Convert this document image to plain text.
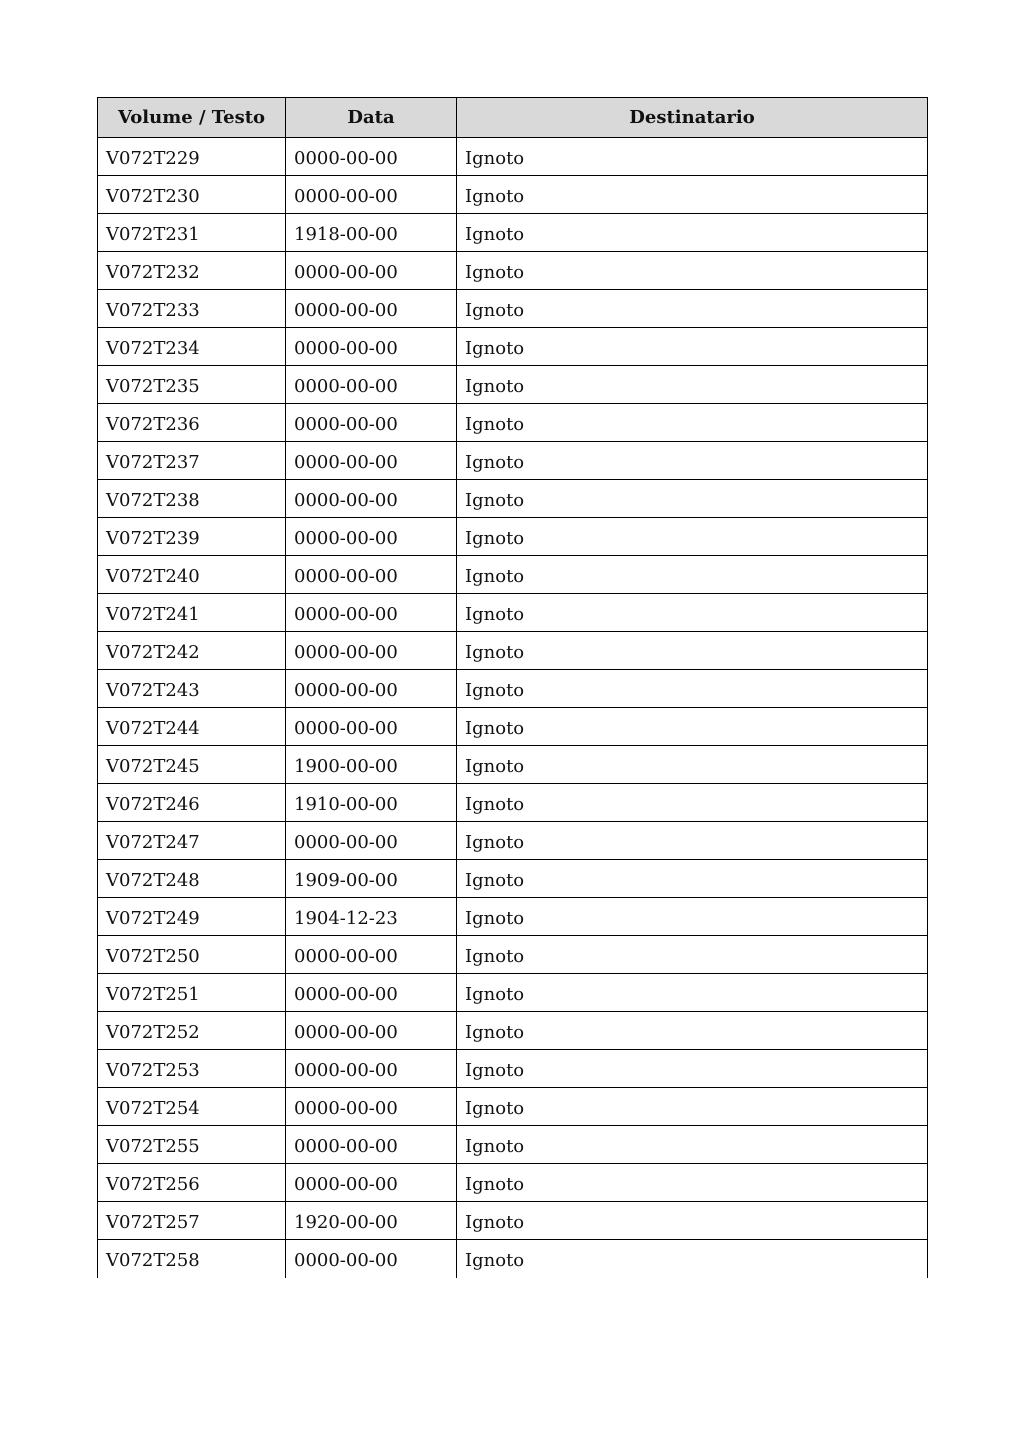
Volume / Testo	Data	Destinatario
V072T229	0000-00-00	Ignoto
V072T230	0000-00-00	Ignoto
V072T231	1918-00-00	Ignoto
V072T232	0000-00-00	Ignoto
V072T233	0000-00-00	Ignoto
V072T234	0000-00-00	Ignoto
V072T235	0000-00-00	Ignoto
V072T236	0000-00-00	Ignoto
V072T237	0000-00-00	Ignoto
V072T238	0000-00-00	Ignoto
V072T239	0000-00-00	Ignoto
V072T240	0000-00-00	Ignoto
V072T241	0000-00-00	Ignoto
V072T242	0000-00-00	Ignoto
V072T243	0000-00-00	Ignoto
V072T244	0000-00-00	Ignoto
V072T245	1900-00-00	Ignoto
V072T246	1910-00-00	Ignoto
V072T247	0000-00-00	Ignoto
V072T248	1909-00-00	Ignoto
V072T249	1904-12-23	Ignoto
V072T250	0000-00-00	Ignoto
V072T251	0000-00-00	Ignoto
V072T252	0000-00-00	Ignoto
V072T253	0000-00-00	Ignoto
V072T254	0000-00-00	Ignoto
V072T255	0000-00-00	Ignoto
V072T256	0000-00-00	Ignoto
V072T257	1920-00-00	Ignoto
V072T258	0000-00-00	Ignoto
